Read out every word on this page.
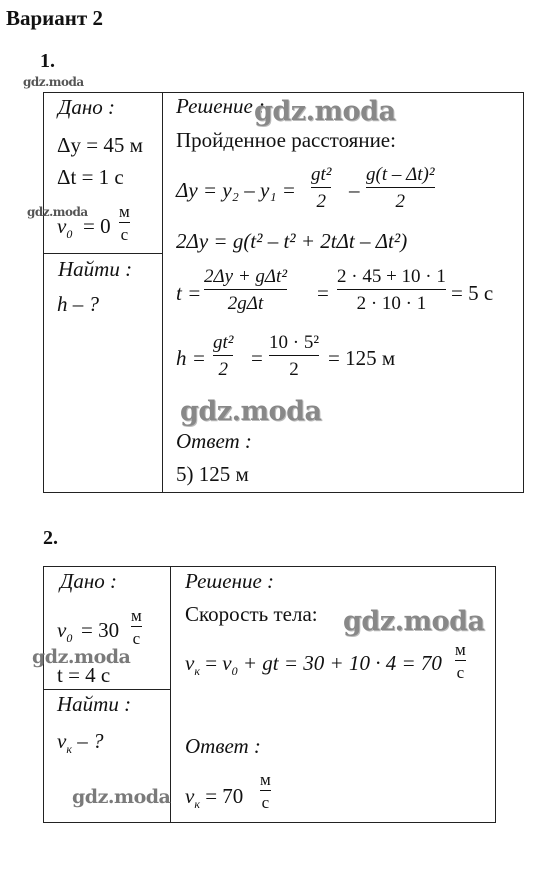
Вариант 2
1.
gdz.moda
Дано :
Δy = 45 м
Δt = 1 с
gdz.moda
$v_0 = 0$
м
с
Найти :
h – ?
Решение :
gdz.moda
Пройденное расстояние:
Δy = y₂ – y₁ =
gt²
2 –
g(t – Δt)²
2
2Δy = g(t² – t² + 2tΔt – Δt²)
t =
2Δy + gΔt²
2gΔt	=
2 · 45 + 10 · 1
2 · 10 · 1 = 5 с
h =
gt²
2 =
10 · 5²
2 = 125 м
gdz.moda
Ответ :
5) 125 м
2.
Дано :
$v_0 = 30$
м
с
gdz.moda
t = 4 с
Найти :
$v_к$ – ?
Решение :
Скорость тела: gdz.moda
$v_к = v_0$ + gt = 30 + 10 · 4 = 70
м
с
Ответ :
gdz.moda $v_к = 70$
м
с
